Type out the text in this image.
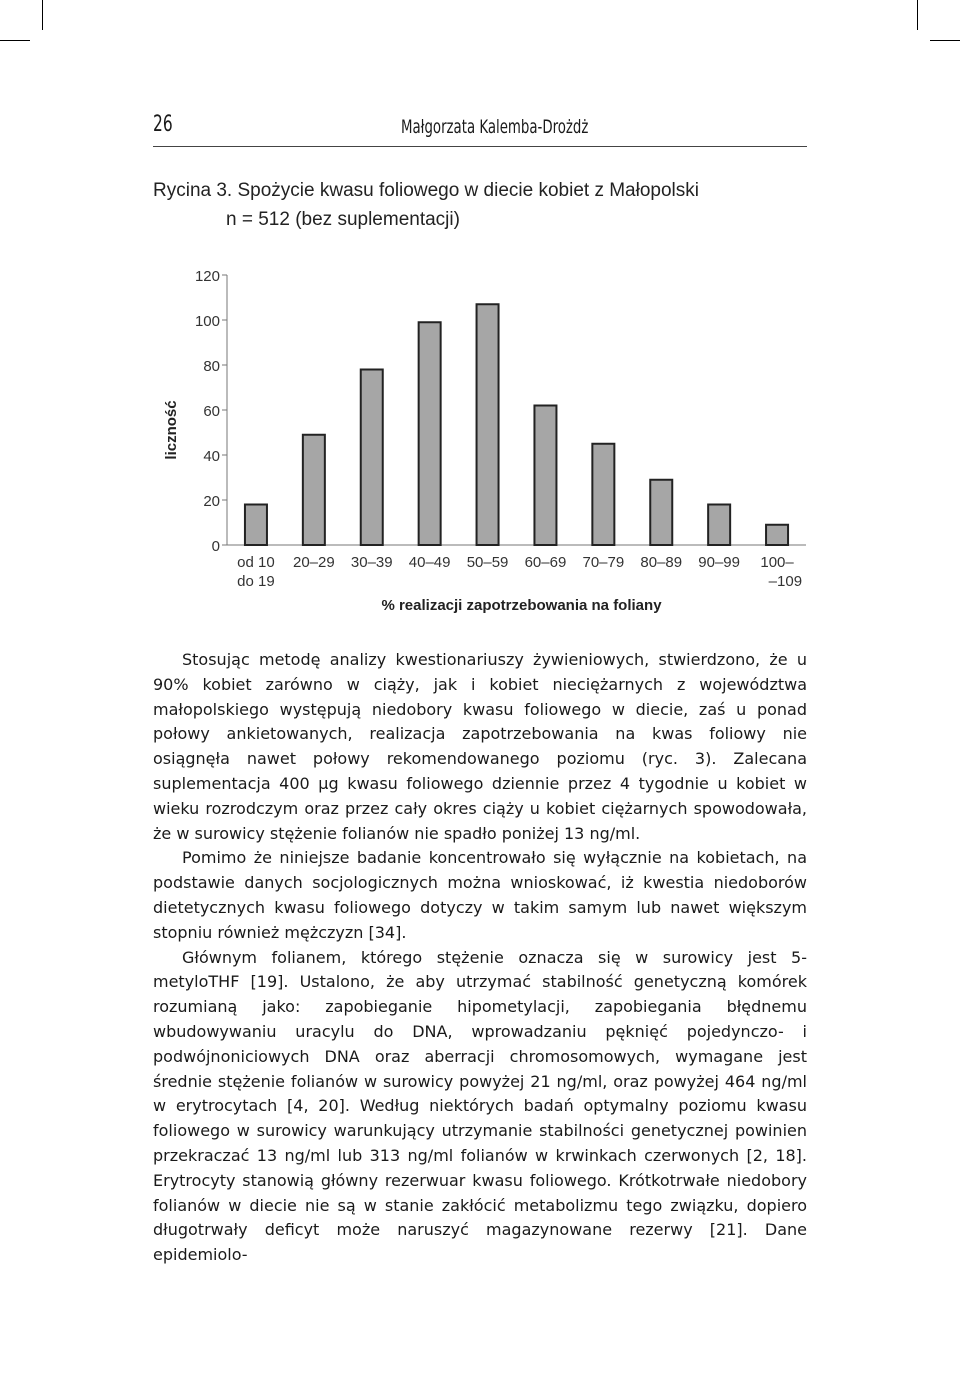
26	Małgorzata Kalemba-Drożdż
Rycina 3. Spożycie kwasu foliowego w diecie kobiet z Małopolski
n = 512 (bez suplementacji)
0
20
40
60
80
100
120
liczność
od 10
do 19
20–29 30–39 40–49 50–59 60–69 70–79 80–89 90–99 100–
–109
% realizacji zapotrzebowania na foliany

Stosując metodę analizy kwestionariuszy żywieniowych, stwierdzono, że u 90% kobiet zarówno w ciąży, jak i kobiet nieciężarnych z województwa małopolskiego występują niedobory kwasu foliowego w diecie, zaś u ponad połowy ankietowanych, realizacja zapotrzebowania na kwas foliowy nie osiągnęła nawet połowy rekomendowanego poziomu (ryc. 3). Zalecana suplementacja 400 µg kwasu foliowego dziennie przez 4 tygodnie u kobiet w wieku rozrodczym oraz przez cały okres ciąży u kobiet ciężarnych spowodowała, że w surowicy stężenie folianów nie spadło poniżej 13 ng/ml.

Pomimo że niniejsze badanie koncentrowało się wyłącznie na kobietach, na podstawie danych socjologicznych można wnioskować, iż kwestia niedoborów dietetycznych kwasu foliowego dotyczy w takim samym lub nawet większym stopniu również mężczyzn [34].

Głównym folianem, którego stężenie oznacza się w surowicy jest 5-metyloTHF [19]. Ustalono, że aby utrzymać stabilność genetyczną komórek rozumianą jako: zapobieganie hipometylacji, zapobiegania błędnemu wbudowywaniu uracylu do DNA, wprowadzaniu pęknięć pojedynczo- i podwójnoniciowych DNA oraz aberracji chromosomowych, wymagane jest średnie stężenie folianów w surowicy powyżej 21 ng/ml, oraz powyżej 464 ng/ml w erytrocytach [4, 20]. Według niektórych badań optymalny poziomu kwasu foliowego w surowicy warunkujący utrzymanie stabilności genetycznej powinien przekraczać 13 ng/ml lub 313 ng/ml folianów w krwinkach czerwonych [2, 18]. Erytrocyty stanowią główny rezerwuar kwasu foliowego. Krótkotrwałe niedobory folianów w diecie nie są w stanie zakłócić metabolizmu tego związku, dopiero długotrwały deficyt może naruszyć magazynowane rezerwy [21]. Dane epidemiolo-
